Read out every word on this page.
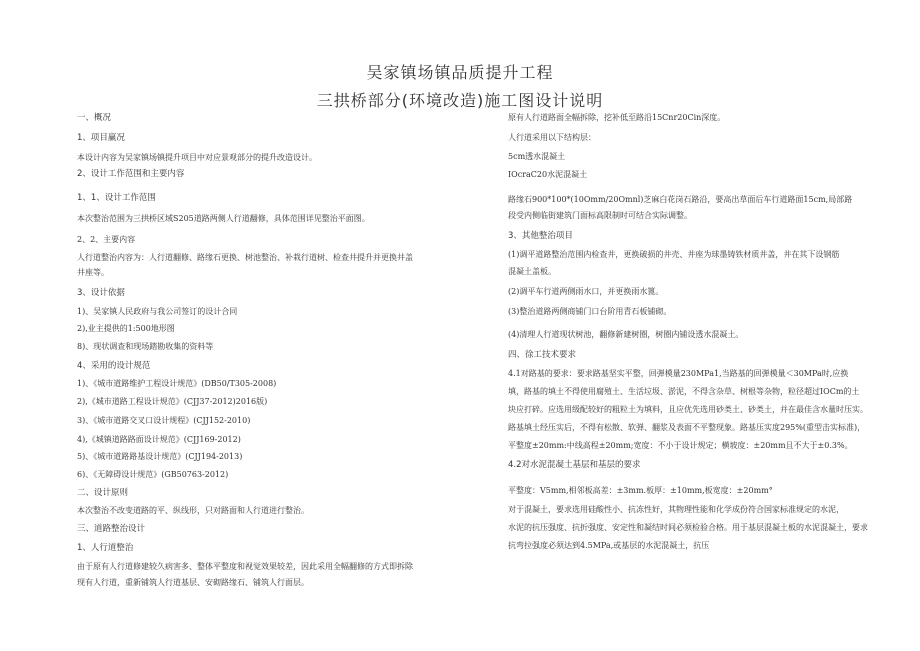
吴家镇场镇品质提升工程
三拱桥部分(环境改造)施工图设计说明
一、概况
1、项目赢况
本设计内容为吴家镇场镇提升项目中对应景观部分的提升改造设计。
2、设计工作范围和主要内容
1、1、设计工作范围
本次整治范围为三拱桥区域S205道路两侧人行道翻修，具体范围详见整治平面图。
2、2、主要内容
人行道整治内容为：人行道翻修、路缘石更换、树池整治、补栽行道树、检查井提升并更换井盖
井座等。
3、设计依据
1)、吴家镇人民政府与我公司签订的设计合同
2),业主提供的1:500地形图
8)、现状调查和现场踏勘收集的资料等
4、采用的设计规范
1)、《城市道路维护工程设计规范》(DB50/T305-2008)
2),《城市道路工程设计规范》(CJJ37-2012)2016版)
3)、《城市道路交叉口设计规程》(CJJ152-2010)
4),《城镇道路路面设计规范》(CJJ169-2012)
5)、《城市道路路基设计规范》(CJJ194-2013)
6)、《无障碍设计规范》(GB50763-2012)
二、设计原则
本次整治不改变道路的平、纵线形，只对路面和人行道进行整治。
三、道路整治设计
1、人行道整治
由于原有人行道修建较久病害多、整体平整度和视觉效果较差，因此采用全幅翻修的方式即拆除
现有人行道，重新铺筑人行道基层、安砌路缘石、铺筑人行面层。
原有人行道路面全幅拆除，挖补低至路沿15Cnr20Cin深度。
人行道采用以下结构层：
5cm透水混凝土
IOcraC20水泥混凝土
路缘石900*100*(10Omm/20Omnl)芝麻白花岗石路沿，要高出草面后车行道路面15cm,局部路
段受内侧临街建筑门面标高限制时可结合实际调整。
3、其他整治项目
(1)调平道路整治范围内检查井，更换破损的井壳、井座为球墨铸铁材质井盖，井在其下设钢筋
混凝土盖板。
(2)调平车行道两侧雨水口，并更换雨水篦。
(3)整治道路两侧商铺门口台阶用青石板铺砌。
(4)清理人行道现状树池，翻修新建树圈，树圈内铺设透水混凝土。
四、徐工技术要求
4.1对路基的要求：要求路基坚实平整，回弹模量230MPa1,当路基的回弹模量＜30MPa时,应换
填，路基的填土不得使用腐殖土、生活垃圾、淤泥，不得含杂草、树根等杂物，粒径超过IOCm的土
块应打碎。应选用级配较好的粗粒土为填料，且应优先选用砂类土、砂类土，并在最佳含水量时压实。
路基填土经压实后，不得有松散、软弹、翻浆及表面不平整现象。路基压实度295%(重型击实标准)，
平整度±20mm:中线高程±20mm;宽度：不小于设计规定；横坡度：±20mm且不大于±0.3%。
4.2对水泥混凝土基层和基层的要求
平整度：V5mm,相邻板高差：±3mm.板厚：±10mm,板宽度：±20mm°
对于混凝土，要求选用硅酸性小、抗冻性好，其物理性能和化学成份符合国家标准规定的水泥，
水泥的抗压强度、抗折强度、安定性和凝结时间必须检验合格。用于基层混凝土板的水泥混凝土，要求
抗弯拉强度必须达到4.5MPa,或基层的水泥混凝土，抗压
